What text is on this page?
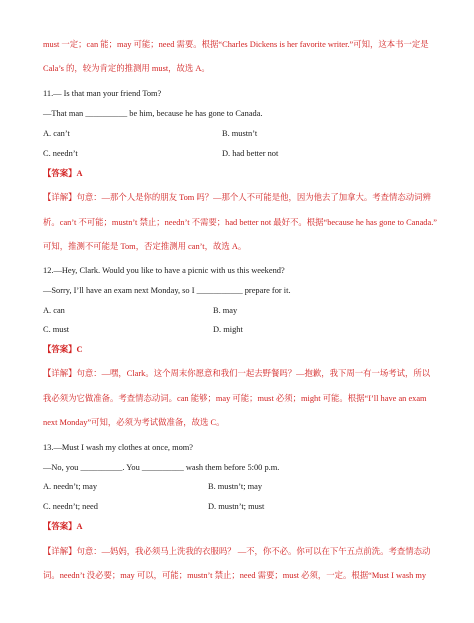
must 一定；can 能；may 可能；need 需要。根据“Charles Dickens is her favorite writer.”可知，这本书一定是
Cala’s 的，较为肯定的推测用 must，故选 A。
11.— Is that man your friend Tom?
—That man __________ be him, because he has gone to Canada.
A. can’t	B. mustn’t
C. needn’t	D. had better not
【答案】A
【详解】句意：—那个人是你的朋友 Tom 吗？—那个人不可能是他，因为他去了加拿大。考查情态动词辨
析。can’t 不可能；mustn’t 禁止；needn’t 不需要；had better not 最好不。根据“because he has gone to Canada.”
可知，推测不可能是 Tom，否定推测用 can’t，故选 A。
12.—Hey, Clark. Would you like to have a picnic with us this weekend?
—Sorry, I’ll have an exam next Monday, so I ___________ prepare for it.
A. can	B. may
C. must	D. might
【答案】C
【详解】句意：—嘿，Clark。这个周末你愿意和我们一起去野餐吗？—抱歉，我下周一有一场考试，所以
我必须为它做准备。考查情态动词。can 能够；may 可能；must 必须；might 可能。根据“I’ll have an exam
next Monday”可知，必须为考试做准备，故选 C。
13.—Must I wash my clothes at once, mom?
—No, you __________. You __________ wash them before 5:00 p.m.
A. needn’t; may	B. mustn’t; may
C. needn’t; need	D. mustn’t; must
【答案】A
【详解】句意：—妈妈，我必须马上洗我的衣服吗？ —不，你不必。你可以在下午五点前洗。考查情态动
词。needn’t 没必要；may 可以，可能；mustn’t 禁止；need 需要；must 必须，一定。根据“Must I wash my
